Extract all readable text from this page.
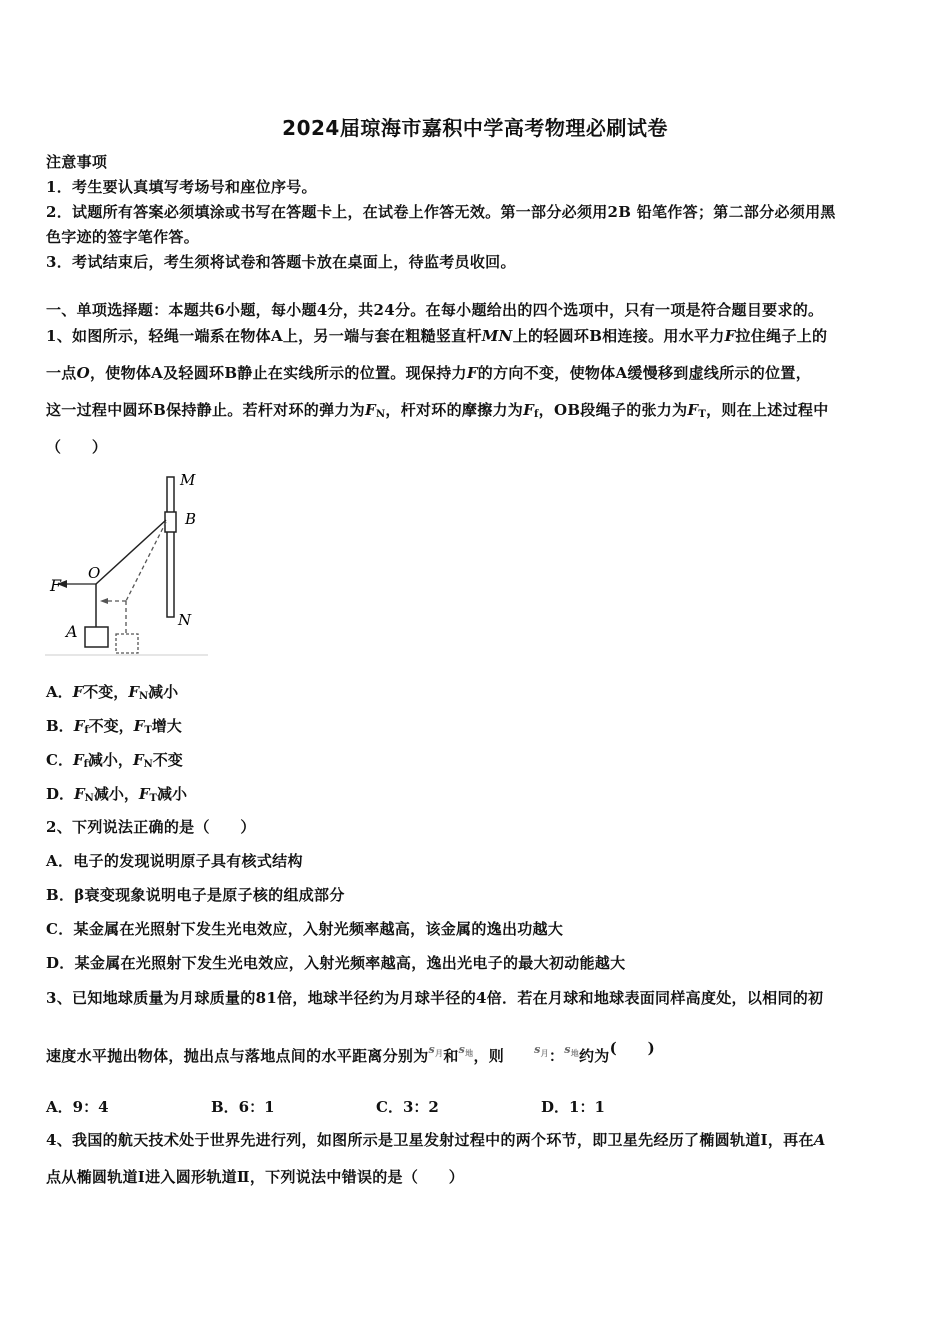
2024届琼海市嘉积中学高考物理必刷试卷
注意事项
1．考生要认真填写考场号和座位序号。
2．试题所有答案必须填涂或书写在答题卡上，在试卷上作答无效。第一部分必须用2B 铅笔作答；第二部分必须用黑
色字迹的签字笔作答。
3．考试结束后，考生须将试卷和答题卡放在桌面上，待监考员收回。
一、单项选择题：本题共6小题，每小题4分，共24分。在每小题给出的四个选项中，只有一项是符合题目要求的。
1、如图所示，轻绳一端系在物体A上，另一端与套在粗糙竖直杆MN上的轻圆环B相连接。用水平力F拉住绳子上的
一点O，使物体A及轻圆环B静止在实线所示的位置。现保持力F的方向不变，使物体A缓慢移到虚线所示的位置，
这一过程中圆环B保持静止。若杆对环的弹力为$F_N$，杆对环的摩擦力为$F_f$，OB段绳子的张力为$F_T$，则在上述过程中
（　　）
M
B
F
O
A
N
A．F不变，$F_N$减小
B．$F_f$不变，$F_T$增大
C．$F_f$减小，$F_N$不变
D．$F_N$减小，$F_T$减小
2、下列说法正确的是（　　）
A．电子的发现说明原子具有核式结构
B．β衰变现象说明电子是原子核的组成部分
C．某金属在光照射下发生光电效应，入射光频率越高，该金属的逸出功越大
D．某金属在光照射下发生光电效应，入射光频率越高，逸出光电子的最大初动能越大
3、已知地球质量为月球质量的81倍，地球半径约为月球半径的4倍．若在月球和地球表面同样高度处，以相同的初
速度水平抛出物体，抛出点与落地点间的水平距离分别为$^{s_月}$和$^{s_地}$，则	$^{s_月}$：$^{s_地}$约为(　　)
A．9：4	B．6：1	C．3：2	D．1：1
4、我国的航天技术处于世界先进行列，如图所示是卫星发射过程中的两个环节，即卫星先经历了椭圆轨道Ⅰ，再在A
点从椭圆轨道Ⅰ进入圆形轨道Ⅱ，下列说法中错误的是（　　）
